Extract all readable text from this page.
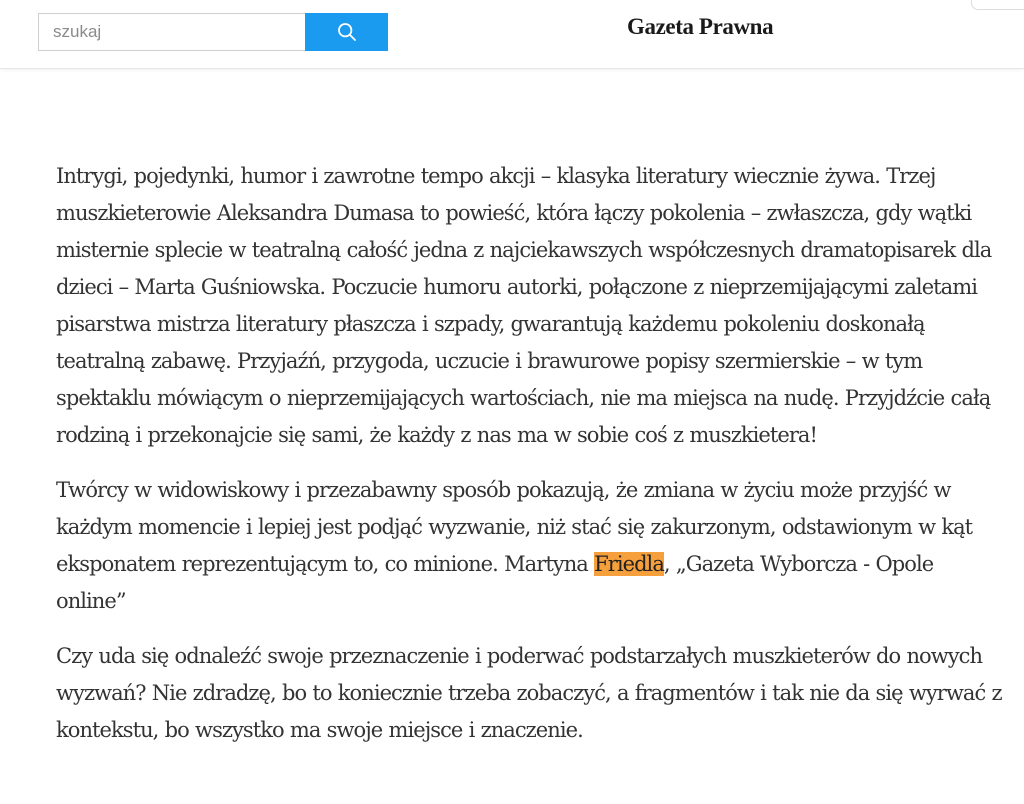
szukaj
Gazeta Prawna

Intrygi, pojedynki, humor i zawrotne tempo akcji – klasyka literatury wiecznie żywa. Trzej muszkieterowie Aleksandra Dumasa to powieść, która łączy pokolenia – zwłaszcza, gdy wątki misternie splecie w teatralną całość jedna z najciekawszych współczesnych dramatopisarek dla dzieci – Marta Guśniowska. Poczucie humoru autorki, połączone z nieprzemijającymi zaletami pisarstwa mistrza literatury płaszcza i szpady, gwarantują każdemu pokoleniu doskonałą teatralną zabawę. Przyjaźń, przygoda, uczucie i brawurowe popisy szermierskie – w tym spektaklu mówiącym o nieprzemijających wartościach, nie ma miejsca na nudę. Przyjdźcie całą rodziną i przekonajcie się sami, że każdy z nas ma w sobie coś z muszkietera!

Twórcy w widowiskowy i przezabawny sposób pokazują, że zmiana w życiu może przyjść w każdym momencie i lepiej jest podjąć wyzwanie, niż stać się zakurzonym, odstawionym w kąt eksponatem reprezentującym to, co minione. Martyna Friedla, „Gazeta Wyborcza - Opole online”

Czy uda się odnaleźć swoje przeznaczenie i poderwać podstarzałych muszkieterów do nowych wyzwań? Nie zdradzę, bo to koniecznie trzeba zobaczyć, a fragmentów i tak nie da się wyrwać z kontekstu, bo wszystko ma swoje miejsce i znaczenie.
